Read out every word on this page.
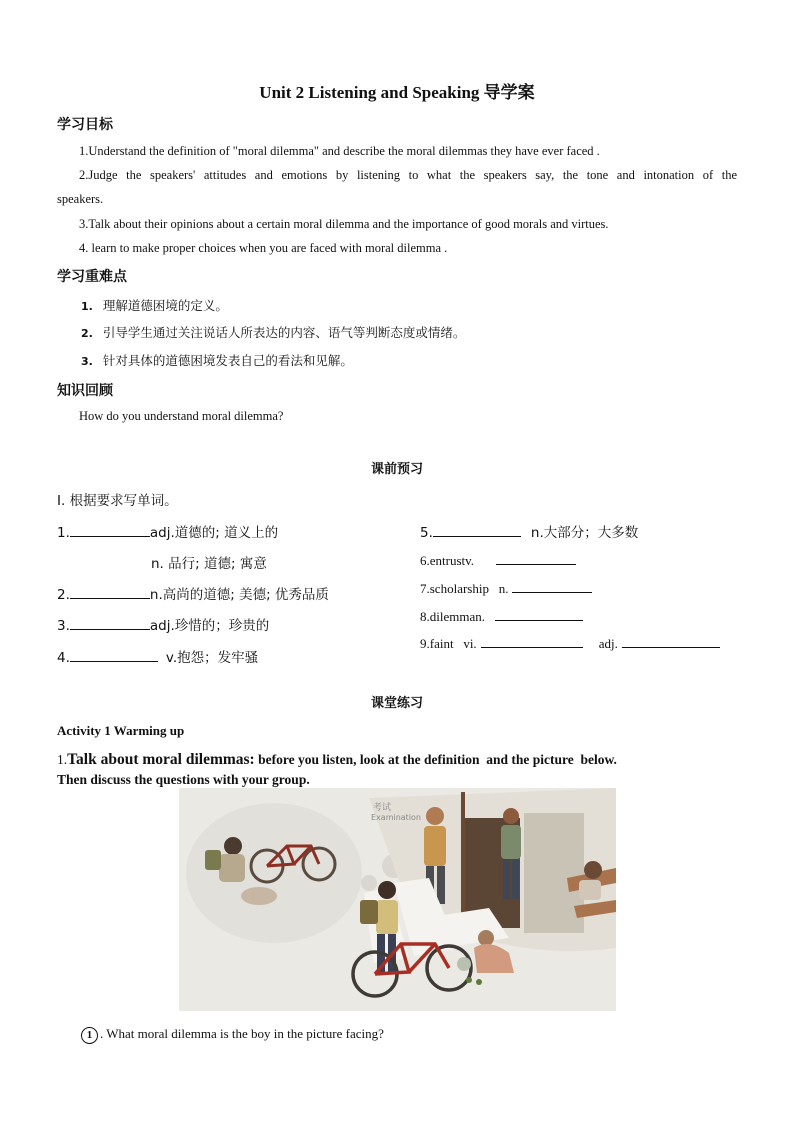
Unit 2 Listening and Speaking 导学案
学习目标
1.Understand the definition of "moral dilemma" and describe the moral dilemmas they have ever faced .
2.Judge the speakers' attitudes and emotions by listening to what the speakers say, the tone and intonation of the
speakers.
3.Talk about their opinions about a certain moral dilemma and the importance of good morals and virtues.
4. learn to make proper choices when you are faced with moral dilemma .
学习重难点
1. 理解道德困境的定义。
2. 引导学生通过关注说话人所表达的内容、语气等判断态度或情绪。
3. 针对具体的道德困境发表自己的看法和见解。
知识回顾
How do you understand moral dilemma?
课前预习
I. 根据要求写单词。
1.	adj.道德的; 道义上的
n. 品行; 道德; 寓意
2.	n.高尚的道德; 美德; 优秀品质
3.	adj.珍惜的；珍贵的
4.	v.抱怨；发牢骚
5.	n.大部分；大多数
6.entrustv.
7.scholarship   n.
8.dilemman.
9.faint   vi.	adj.
课堂练习
Activity 1 Warming up
1.Talk about moral dilemmas: before you listen, look at the definition  and the picture  below.
Then discuss the questions with your group.
考试
Examination
1 . What moral dilemma is the boy in the picture facing?
